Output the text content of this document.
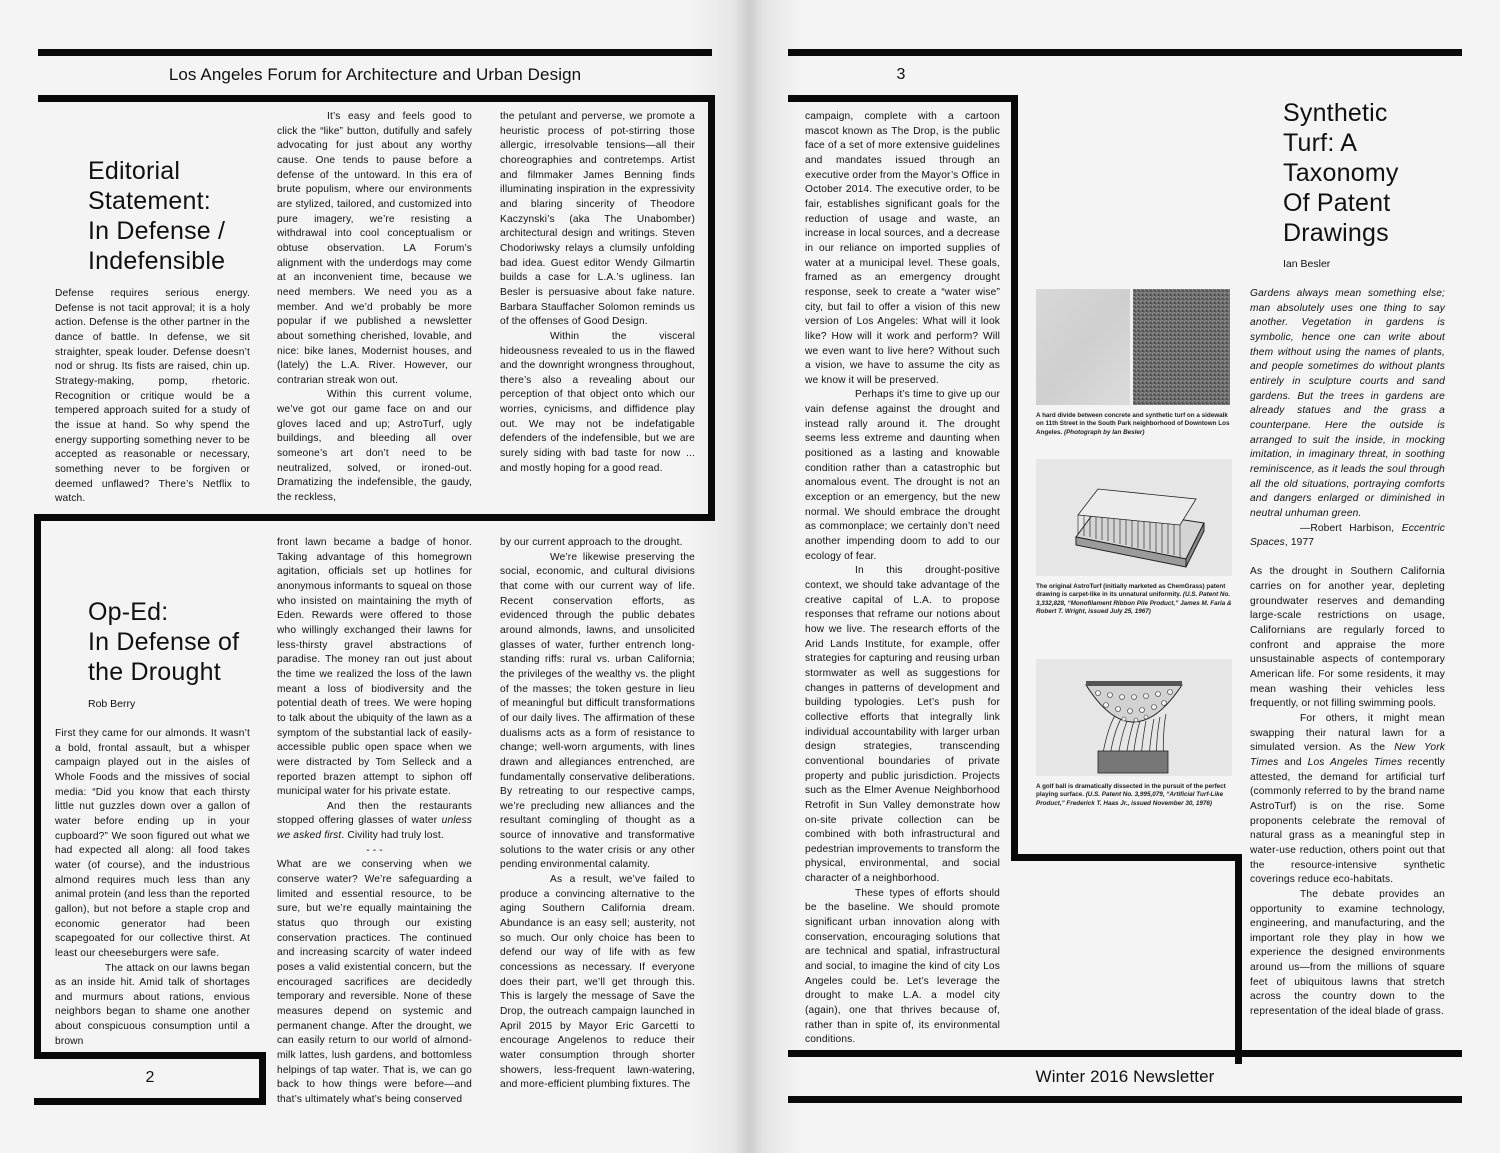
Los Angeles Forum for Architecture and Urban Design
2
Editorial
Statement:
In Defense /
Indefensible

Defense requires serious energy. Defense is not tacit approval; it is a holy action. Defense is the other partner in the dance of battle. In defense, we sit straighter, speak louder. Defense doesn’t nod or shrug. Its fists are raised, chin up. Strategy-making, pomp, rhetoric. Recognition or critique would be a tempered approach suited for a study of the issue at hand. So why spend the energy supporting something never to be accepted as reasonable or necessary, something never to be forgiven or deemed unflawed? There’s Netflix to watch.

It’s easy and feels good to click the “like” button, dutifully and safely advocating for just about any worthy cause. One tends to pause before a defense of the untoward. In this era of brute populism, where our environments are stylized, tailored, and customized into pure imagery, we’re resisting a withdrawal into cool conceptualism or obtuse observation. LA Forum’s alignment with the underdogs may come at an inconvenient time, because we need members. We need you as a member. And we’d probably be more popular if we published a newsletter about something cherished, lovable, and nice: bike lanes, Modernist houses, and (lately) the L.A. River. However, our contrarian streak won out.

Within this current volume, we’ve got our game face on and our gloves laced and up; AstroTurf, ugly buildings, and bleeding all over someone’s art don’t need to be neutralized, solved, or ironed-out. Dramatizing the indefensible, the gaudy, the reckless,

the petulant and perverse, we promote a heuristic process of pot-stirring those allergic, irresolvable tensions—all their choreographies and contretemps. Artist and filmmaker James Benning finds illuminating inspiration in the expressivity and blaring sincerity of Theodore Kaczynski’s (aka The Unabomber) architectural design and writings. Steven Chodoriwsky relays a clumsily unfolding bad idea. Guest editor Wendy Gilmartin builds a case for L.A.’s ugliness. Ian Besler is persuasive about fake nature. Barbara Stauffacher Solomon reminds us of the offenses of Good Design.

Within the visceral hideousness revealed to us in the flawed and the downright wrongness throughout, there’s also a revealing about our perception of that object onto which our worries, cynicisms, and diffidence play out. We may not be indefatigable defenders of the indefensible, but we are surely siding with bad taste for now ... and mostly hoping for a good read.

Op-Ed:
In Defense of
the Drought
Rob Berry

First they came for our almonds. It wasn’t a bold, frontal assault, but a whisper campaign played out in the aisles of Whole Foods and the missives of social media: “Did you know that each thirsty little nut guzzles down over a gallon of water before ending up in your cupboard?” We soon figured out what we had expected all along: all food takes water (of course), and the industrious almond requires much less than any animal protein (and less than the reported gallon), but not before a staple crop and economic generator had been scapegoated for our collective thirst. At least our cheeseburgers were safe.

The attack on our lawns began as an inside hit. Amid talk of shortages and murmurs about rations, envious neighbors began to shame one another about conspicuous consumption until a brown

front lawn became a badge of honor. Taking advantage of this homegrown agitation, officials set up hotlines for anonymous informants to squeal on those who insisted on maintaining the myth of Eden. Rewards were offered to those who willingly exchanged their lawns for less-thirsty gravel abstractions of paradise. The money ran out just about the time we realized the loss of the lawn meant a loss of biodiversity and the potential death of trees. We were hoping to talk about the ubiquity of the lawn as a symptom of the substantial lack of easily-accessible public open space when we were distracted by Tom Selleck and a reported brazen attempt to siphon off municipal water for his private estate.

And then the restaurants stopped offering glasses of water unless we asked first. Civility had truly lost.

- - -

What are we conserving when we conserve water? We’re safeguarding a limited and essential resource, to be sure, but we’re equally maintaining the status quo through our existing conservation practices. The continued and increasing scarcity of water indeed poses a valid existential concern, but the encouraged sacrifices are decidedly temporary and reversible. None of these measures depend on systemic and permanent change. After the drought, we can easily return to our world of almond-milk lattes, lush gardens, and bottomless helpings of tap water. That is, we can go back to how things were before—and that’s ultimately what’s being conserved

by our current approach to the drought.

We’re likewise preserving the social, economic, and cultural divisions that come with our current way of life. Recent conservation efforts, as evidenced through the public debates around almonds, lawns, and unsolicited glasses of water, further entrench long-standing riffs: rural vs. urban California; the privileges of the wealthy vs. the plight of the masses; the token gesture in lieu of meaningful but difficult transformations of our daily lives. The affirmation of these dualisms acts as a form of resistance to change; well-worn arguments, with lines drawn and allegiances entrenched, are fundamentally conservative deliberations. By retreating to our respective camps, we’re precluding new alliances and the resultant comingling of thought as a source of innovative and transformative solutions to the water crisis or any other pending environmental calamity.

As a result, we’ve failed to produce a convincing alternative to the aging Southern California dream. Abundance is an easy sell; austerity, not so much. Our only choice has been to defend our way of life with as few concessions as necessary. If everyone does their part, we’ll get through this. This is largely the message of Save the Drop, the outreach campaign launched in April 2015 by Mayor Eric Garcetti to encourage Angelenos to reduce their water consumption through shorter showers, less-frequent lawn-watering, and more-efficient plumbing fixtures. The

3
Winter 2016 Newsletter

campaign, complete with a cartoon mascot known as The Drop, is the public face of a set of more extensive guidelines and mandates issued through an executive order from the Mayor’s Office in October 2014. The executive order, to be fair, establishes significant goals for the reduction of usage and waste, an increase in local sources, and a decrease in our reliance on imported supplies of water at a municipal level. These goals, framed as an emergency drought response, seek to create a “water wise” city, but fail to offer a vision of this new version of Los Angeles: What will it look like? How will it work and perform? Will we even want to live here? Without such a vision, we have to assume the city as we know it will be preserved.

Perhaps it’s time to give up our vain defense against the drought and instead rally around it. The drought seems less extreme and daunting when positioned as a lasting and knowable condition rather than a catastrophic but anomalous event. The drought is not an exception or an emergency, but the new normal. We should embrace the drought as commonplace; we certainly don’t need another impending doom to add to our ecology of fear.

In this drought-positive context, we should take advantage of the creative capital of L.A. to propose responses that reframe our notions about how we live. The research efforts of the Arid Lands Institute, for example, offer strategies for capturing and reusing urban stormwater as well as suggestions for changes in patterns of development and building typologies. Let’s push for collective efforts that integrally link individual accountability with larger urban design strategies, transcending conventional boundaries of private property and public jurisdiction. Projects such as the Elmer Avenue Neighborhood Retrofit in Sun Valley demonstrate how on-site private collection can be combined with both infrastructural and pedestrian improvements to transform the physical, environmental, and social character of a neighborhood.

These types of efforts should be the baseline. We should promote significant urban innovation along with conservation, encouraging solutions that are technical and spatial, infrastructural and social, to imagine the kind of city Los Angeles could be. Let’s leverage the drought to make L.A. a model city (again), one that thrives because of, rather than in spite of, its environmental conditions.

A hard divide between concrete and synthetic turf on a sidewalk on 11th Street in the South Park neighborhood of Downtown Los Angeles. (Photograph by Ian Besler)
The original AstroTurf (initially marketed as ChemGrass) patent drawing is carpet-like in its unnatural uniformity. (U.S. Patent No. 3,332,828, “Monofilament Ribbon Pile Product,” James M. Faria & Robert T. Wright, issued July 25, 1967)
A golf ball is dramatically dissected in the pursuit of the perfect playing surface. (U.S. Patent No. 3,995,079, “Artificial Turf-Like Product,” Frederick T. Haas Jr., issued November 30, 1976)
Synthetic
Turf: A
Taxonomy
Of Patent
Drawings
Ian Besler

Gardens always mean something else; man absolutely uses one thing to say another. Vegetation in gardens is symbolic, hence one can write about them without using the names of plants, and people sometimes do without plants entirely in sculpture courts and sand gardens. But the trees in gardens are already statues and the grass a counterpane. Here the outside is arranged to suit the inside, in mocking imitation, in imaginary threat, in soothing reminiscence, as it leads the soul through all the old situations, portraying comforts and dangers enlarged or diminished in neutral unhuman green.

—Robert Harbison, Eccentric Spaces, 1977

As the drought in Southern California carries on for another year, depleting groundwater reserves and demanding large-scale restrictions on usage, Californians are regularly forced to confront and appraise the more unsustainable aspects of contemporary American life. For some residents, it may mean washing their vehicles less frequently, or not filling swimming pools.

For others, it might mean swapping their natural lawn for a simulated version. As the New York Times and Los Angeles Times recently attested, the demand for artificial turf (commonly referred to by the brand name AstroTurf) is on the rise. Some proponents celebrate the removal of natural grass as a meaningful step in water-use reduction, others point out that the resource-intensive synthetic coverings reduce eco-habitats.

The debate provides an opportunity to examine technology, engineering, and manufacturing, and the important role they play in how we experience the designed environments around us—from the millions of square feet of ubiquitous lawns that stretch across the country down to the representation of the ideal blade of grass.
